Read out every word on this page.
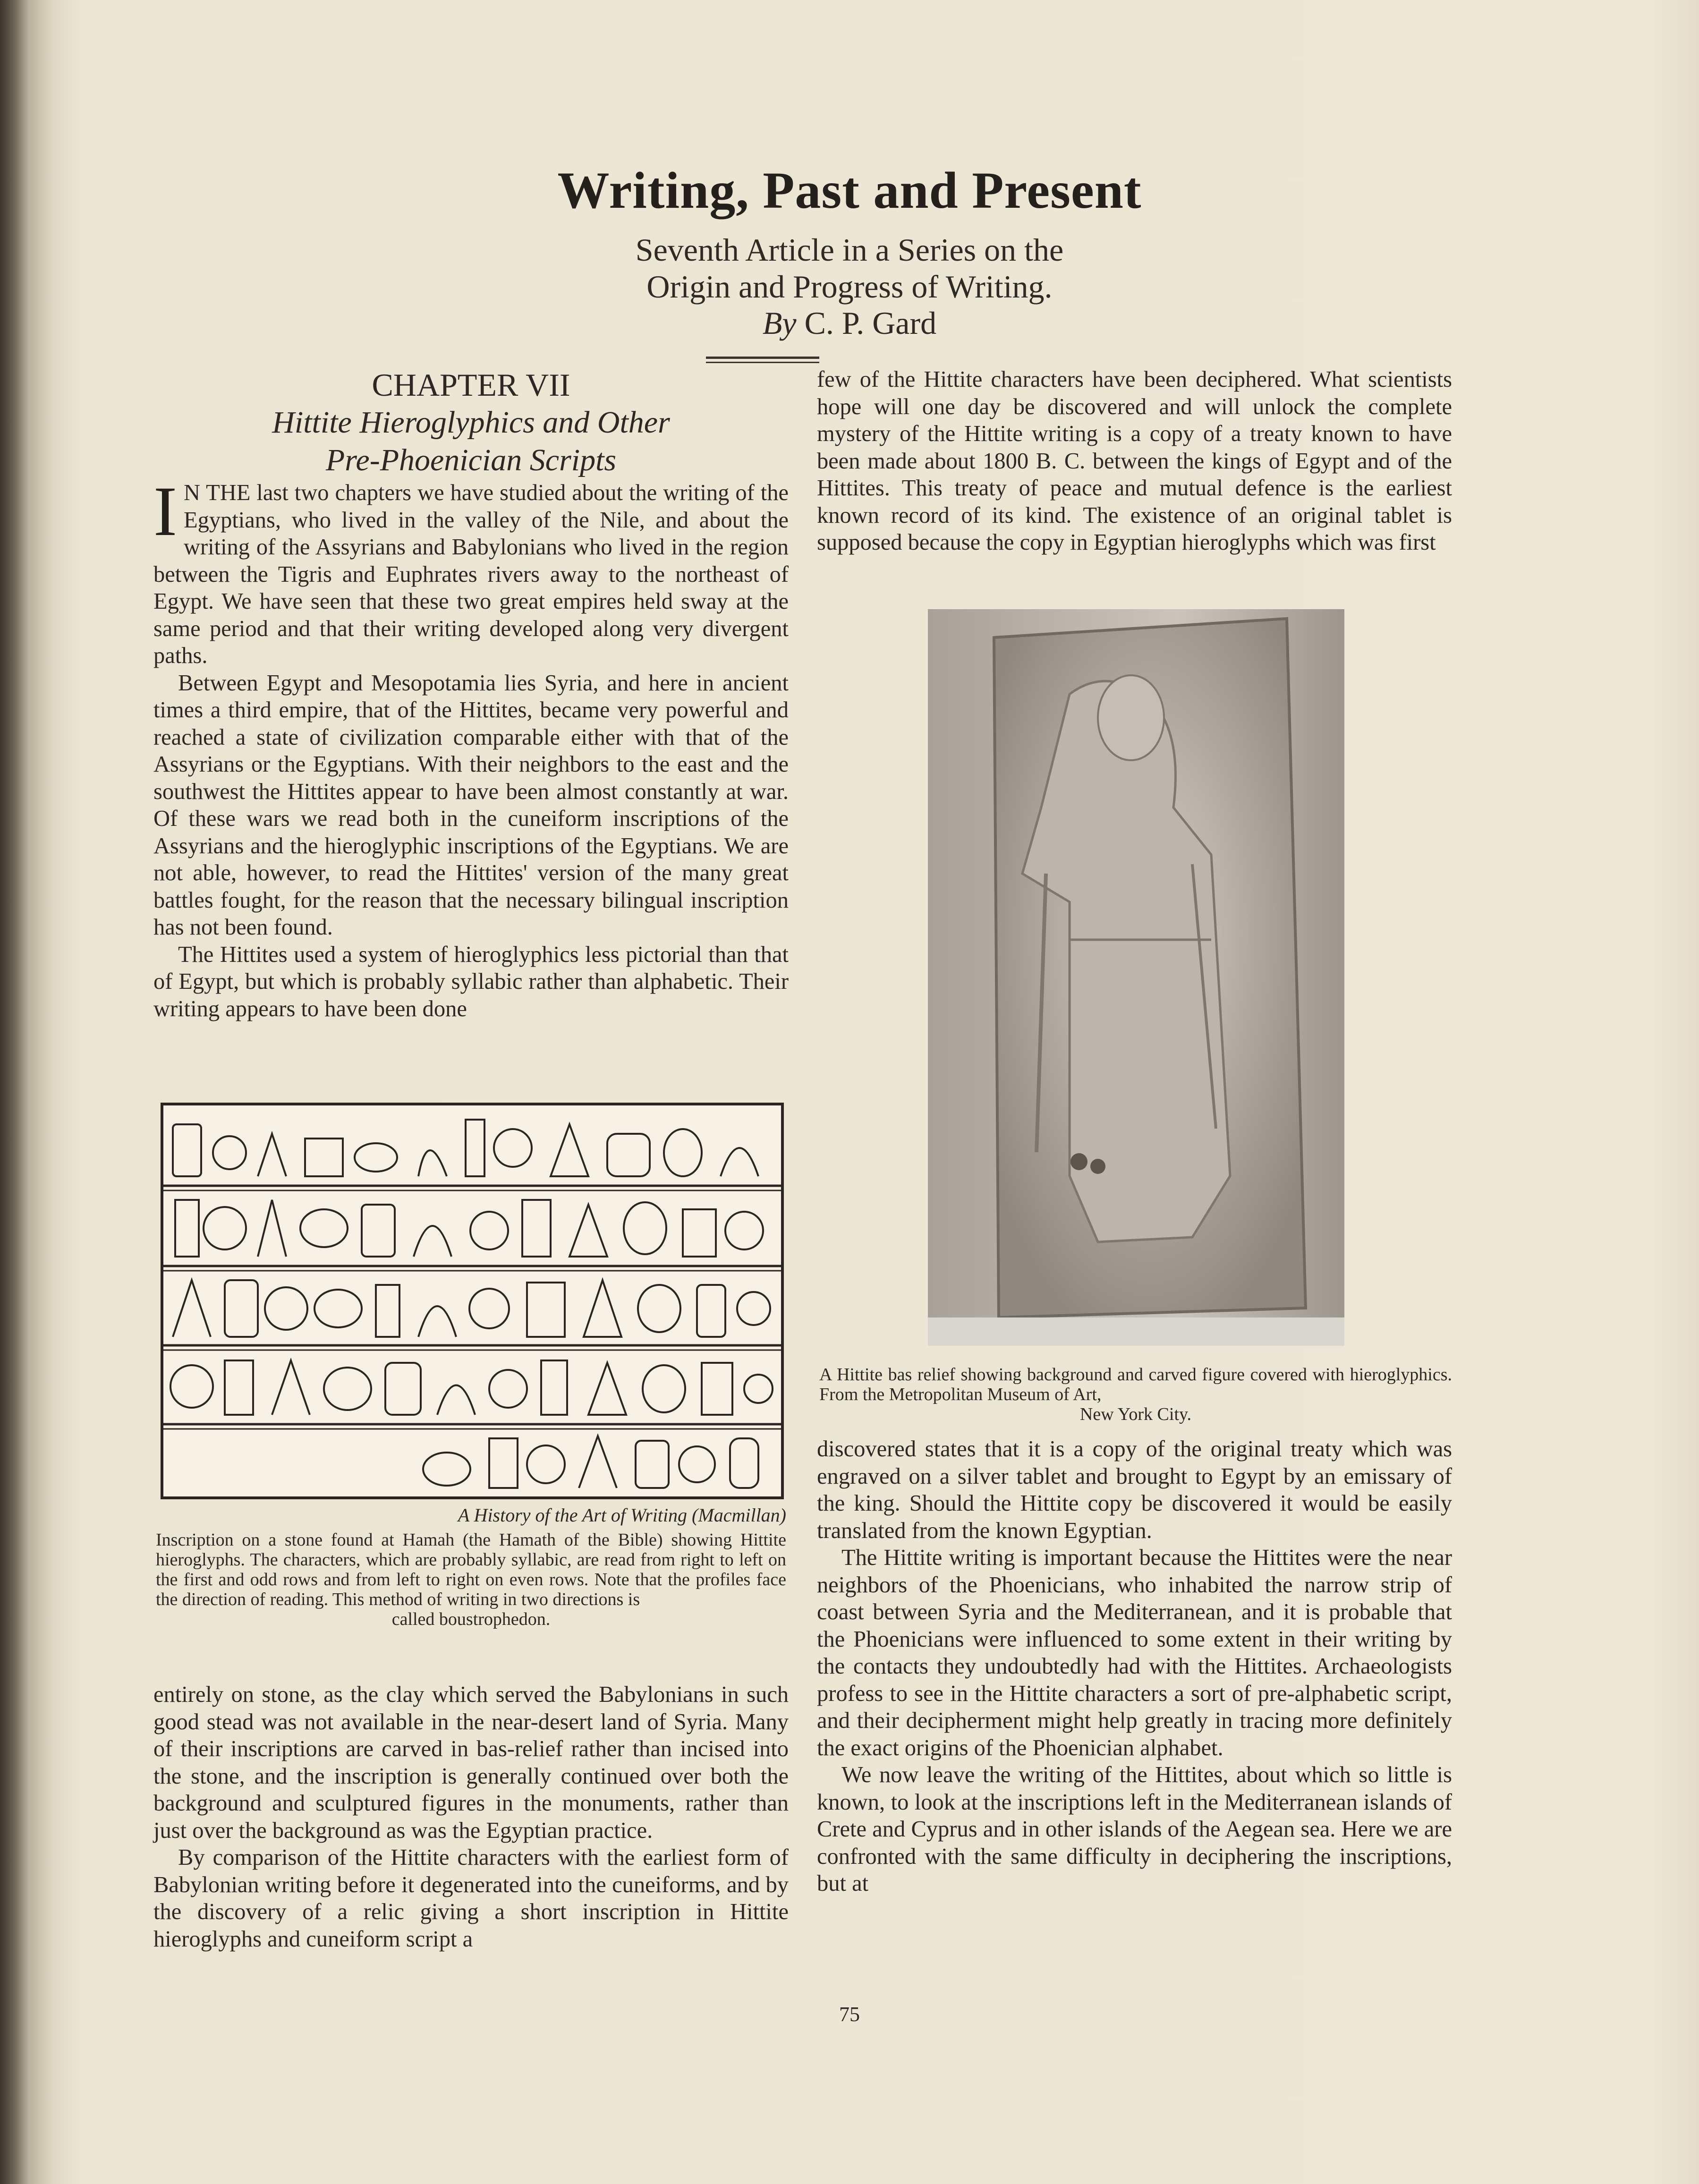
Writing, Past and Present
Seventh Article in a Series on the
Origin and Progress of Writing.
By C. P. Gard
CHAPTER VII
Hittite Hieroglyphics and Other
Pre-Phoenician Scripts

I N THE last two chapters we have studied about the writing of the Egyptians, who lived in the valley of the Nile, and about the writing of the Assyrians and Babylonians who lived in the region between the Tigris and Euphrates rivers away to the northeast of Egypt. We have seen that these two great empires held sway at the same period and that their writing developed along very divergent paths.

Between Egypt and Mesopotamia lies Syria, and here in ancient times a third empire, that of the Hittites, became very powerful and reached a state of civilization comparable either with that of the Assyrians or the Egyptians. With their neighbors to the east and the southwest the Hittites appear to have been almost constantly at war. Of these wars we read both in the cuneiform inscriptions of the Assyrians and the hieroglyphic inscriptions of the Egyptians. We are not able, however, to read the Hittites' version of the many great battles fought, for the reason that the necessary bilingual inscription has not been found.

The Hittites used a system of hieroglyphics less pictorial than that of Egypt, but which is probably syllabic rather than alphabetic. Their writing appears to have been done

A History of the Art of Writing (Macmillan)
Inscription on a stone found at Hamah (the Hamath of the Bible) showing Hittite hieroglyphs. The characters, which are probably syllabic, are read from right to left on the first and odd rows and from left to right on even rows. Note that the profiles face the direction of reading. This method of writing in two directions is
called boustrophedon.

entirely on stone, as the clay which served the Babylonians in such good stead was not available in the near-desert land of Syria. Many of their inscriptions are carved in bas-relief rather than incised into the stone, and the inscription is generally continued over both the background and sculptured figures in the monuments, rather than just over the background as was the Egyptian practice.

By comparison of the Hittite characters with the earliest form of Babylonian writing before it degenerated into the cuneiforms, and by the discovery of a relic giving a short inscription in Hittite hieroglyphs and cuneiform script a

few of the Hittite characters have been deciphered. What scientists hope will one day be discovered and will unlock the complete mystery of the Hittite writing is a copy of a treaty known to have been made about 1800 B. C. between the kings of Egypt and of the Hittites. This treaty of peace and mutual defence is the earliest known record of its kind. The existence of an original tablet is supposed because the copy in Egyptian hieroglyphs which was first

A Hittite bas relief showing background and carved figure covered with hieroglyphics. From the Metropolitan Museum of Art,
New York City.

discovered states that it is a copy of the original treaty which was engraved on a silver tablet and brought to Egypt by an emissary of the king. Should the Hittite copy be discovered it would be easily translated from the known Egyptian.

The Hittite writing is important because the Hittites were the near neighbors of the Phoenicians, who inhabited the narrow strip of coast between Syria and the Mediterranean, and it is probable that the Phoenicians were influenced to some extent in their writing by the contacts they undoubtedly had with the Hittites. Archaeologists profess to see in the Hittite characters a sort of pre-alphabetic script, and their decipherment might help greatly in tracing more definitely the exact origins of the Phoenician alphabet.

We now leave the writing of the Hittites, about which so little is known, to look at the inscriptions left in the Mediterranean islands of Crete and Cyprus and in other islands of the Aegean sea. Here we are confronted with the same difficulty in deciphering the inscriptions, but at

75
